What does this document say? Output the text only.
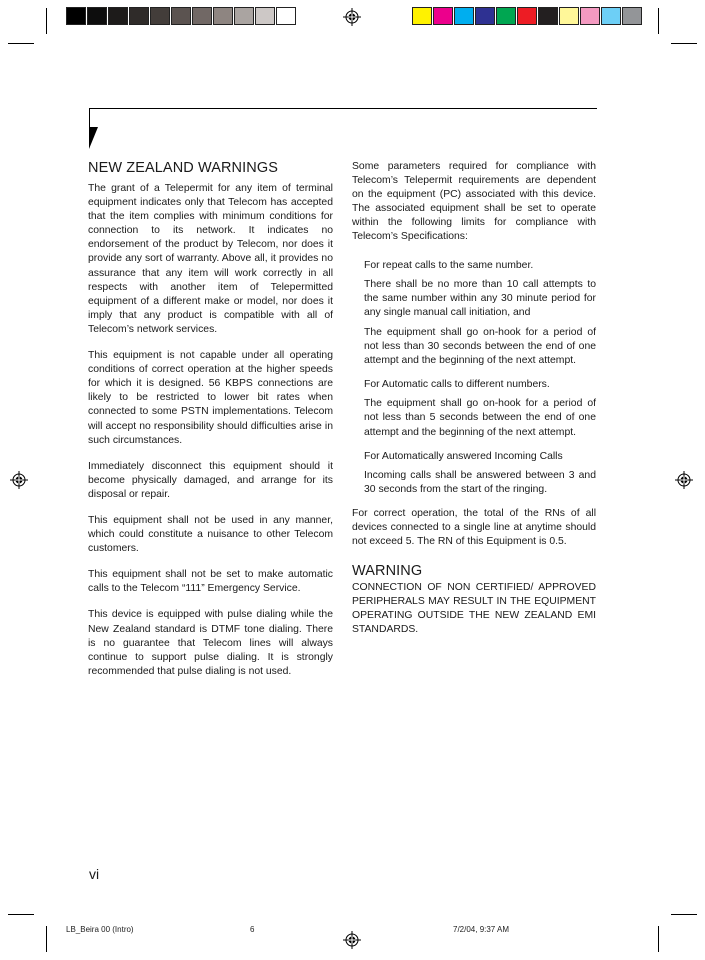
NEW ZEALAND WARNINGS

The grant of a Telepermit for any item of terminal equipment indicates only that Telecom has accepted that the item complies with minimum conditions for connection to its network. It indicates no endorsement of the product by Telecom, nor does it provide any sort of warranty. Above all, it provides no assurance that any item will work correctly in all respects with another item of Telepermitted equipment of a different make or model, nor does it imply that any product is compatible with all of Telecom’s network services.

This equipment is not capable under all operating conditions of correct operation at the higher speeds for which it is designed. 56 KBPS connections are likely to be restricted to lower bit rates when connected to some PSTN implementations. Telecom will accept no responsibility should difficulties arise in such circumstances.

Immediately disconnect this equipment should it become physically damaged, and arrange for its disposal or repair.

This equipment shall not be used in any manner, which could constitute a nuisance to other Telecom customers.

This equipment shall not be set to make automatic calls to the Telecom “111” Emergency Service.

This device is equipped with pulse dialing while the New Zealand standard is DTMF tone dialing. There is no guarantee that Telecom lines will always continue to support pulse dialing. It is strongly recommended that pulse dialing is not used.

Some parameters required for compliance with Telecom’s Telepermit requirements are dependent on the equipment (PC) associated with this device. The associated equipment shall be set to operate within the following limits for compliance with Telecom’s Specifications:

For repeat calls to the same number.

There shall be no more than 10 call attempts to the same number within any 30 minute period for any single manual call initiation, and

The equipment shall go on-hook for a period of not less than 30 seconds between the end of one attempt and the beginning of the next attempt.

For Automatic calls to different numbers.

The equipment shall go on-hook for a period of not less than 5 seconds between the end of one attempt and the beginning of the next attempt.

For Automatically answered Incoming Calls

Incoming calls shall be answered between 3 and 30 seconds from the start of the ringing.

For correct operation, the total of the RNs of all devices connected to a single line at anytime should not exceed 5. The RN of this Equipment is 0.5.

WARNING

CONNECTION OF NON CERTIFIED/ APPROVED PERIPHERALS MAY RESULT IN THE EQUIPMENT OPERATING OUTSIDE THE NEW ZEALAND EMI STANDARDS.

vi
LB_Beira 00 (Intro)	6	7/2/04, 9:37 AM
